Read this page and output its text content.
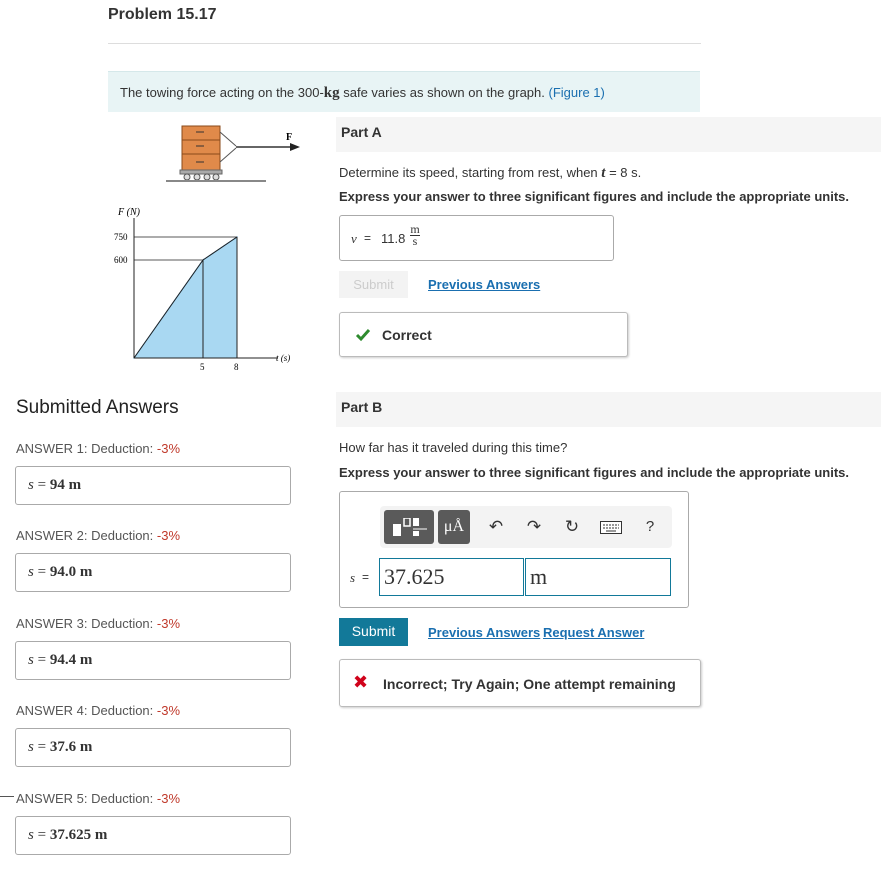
Problem 15.17
The towing force acting on the 300-kg safe varies as shown on the graph. (Figure 1)
F
F (N)
750
600
5	8
t (s)
Part A
Determine its speed, starting from rest, when t = 8 s.
Express your answer to three significant figures and include the appropriate units.
$v = 11.8 \frac{m}{s}$
Submit	Previous Answers
Correct
Part B
How far has it traveled during this time?
Express your answer to three significant figures and include the appropriate units.
μÅ	↶ ↷ ↻	?
s = 37.625	m
Submit	Previous Answers Request Answer
✖ Incorrect; Try Again; One attempt remaining
Submitted Answers
ANSWER 1: Deduction: -3%
s = 94 m
ANSWER 2: Deduction: -3%
s = 94.0 m
ANSWER 3: Deduction: -3%
s = 94.4 m
ANSWER 4: Deduction: -3%
s = 37.6 m
ANSWER 5: Deduction: -3%
s = 37.625 m
